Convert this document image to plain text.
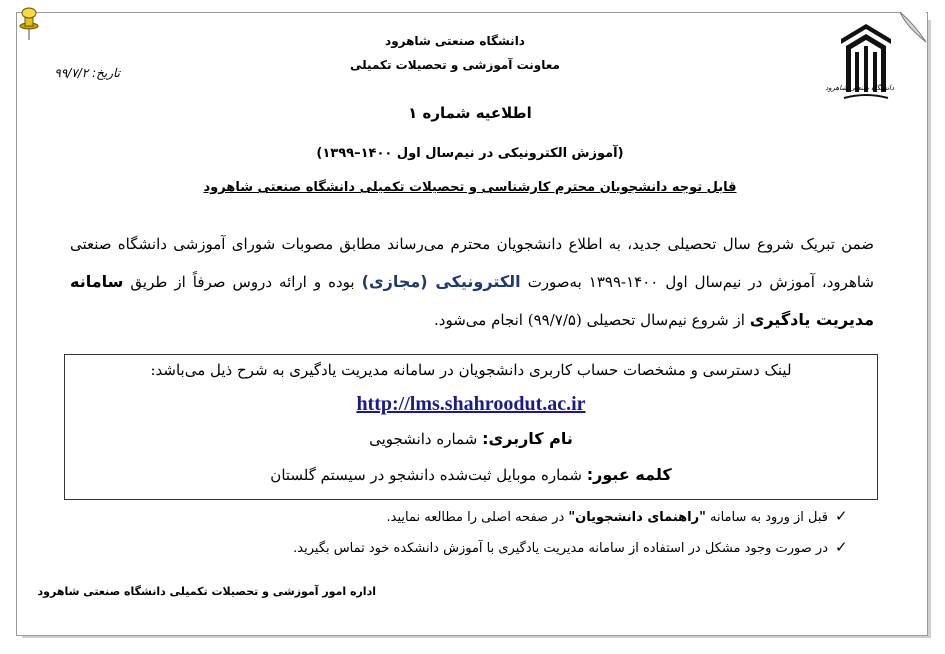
دانشگاه صنعتی شاهرود
دانشگاه صنعتی شاهرود
معاونت آموزشی و تحصیلات تکمیلی
تاریخ: ۹۹/۷/۲
اطلاعیه شماره ۱
(آموزش الکترونیکی در نیم‌سال اول ۱۴۰۰–۱۳۹۹)
قابل توجه دانشجویان محترم کارشناسی و تحصیلات تکمیلی دانشگاه صنعتی شاهرود
ضمن تبریک شروع سال تحصیلی جدید، به اطلاع دانشجویان محترم می‌رساند مطابق مصوبات شورای آموزشی دانشگاه صنعتی شاهرود، آموزش در نیم‌سال اول ۱۴۰۰-۱۳۹۹ به‌صورت الکترونیکی (مجازی) بوده و ارائه دروس صرفاً از طریق سامانه مدیریت یادگیری از شروع نیم‌سال تحصیلی (۹۹/۷/۵) انجام می‌شود.
لینک دسترسی و مشخصات حساب کاربری دانشجویان در سامانه مدیریت یادگیری به شرح ذیل می‌باشد:
http://lms.shahroodut.ac.ir
نام کاربری: شماره دانشجویی
کلمه عبور: شماره موبایل ثبت‌شده دانشجو در سیستم گلستان
✓
قبل از ورود به سامانه "راهنمای دانشجویان" در صفحه اصلی را مطالعه نمایید.
✓
در صورت وجود مشکل در استفاده از سامانه مدیریت یادگیری با آموزش دانشکده خود تماس بگیرید.
اداره امور آموزشی و تحصیلات تکمیلی دانشگاه صنعتی شاهرود
